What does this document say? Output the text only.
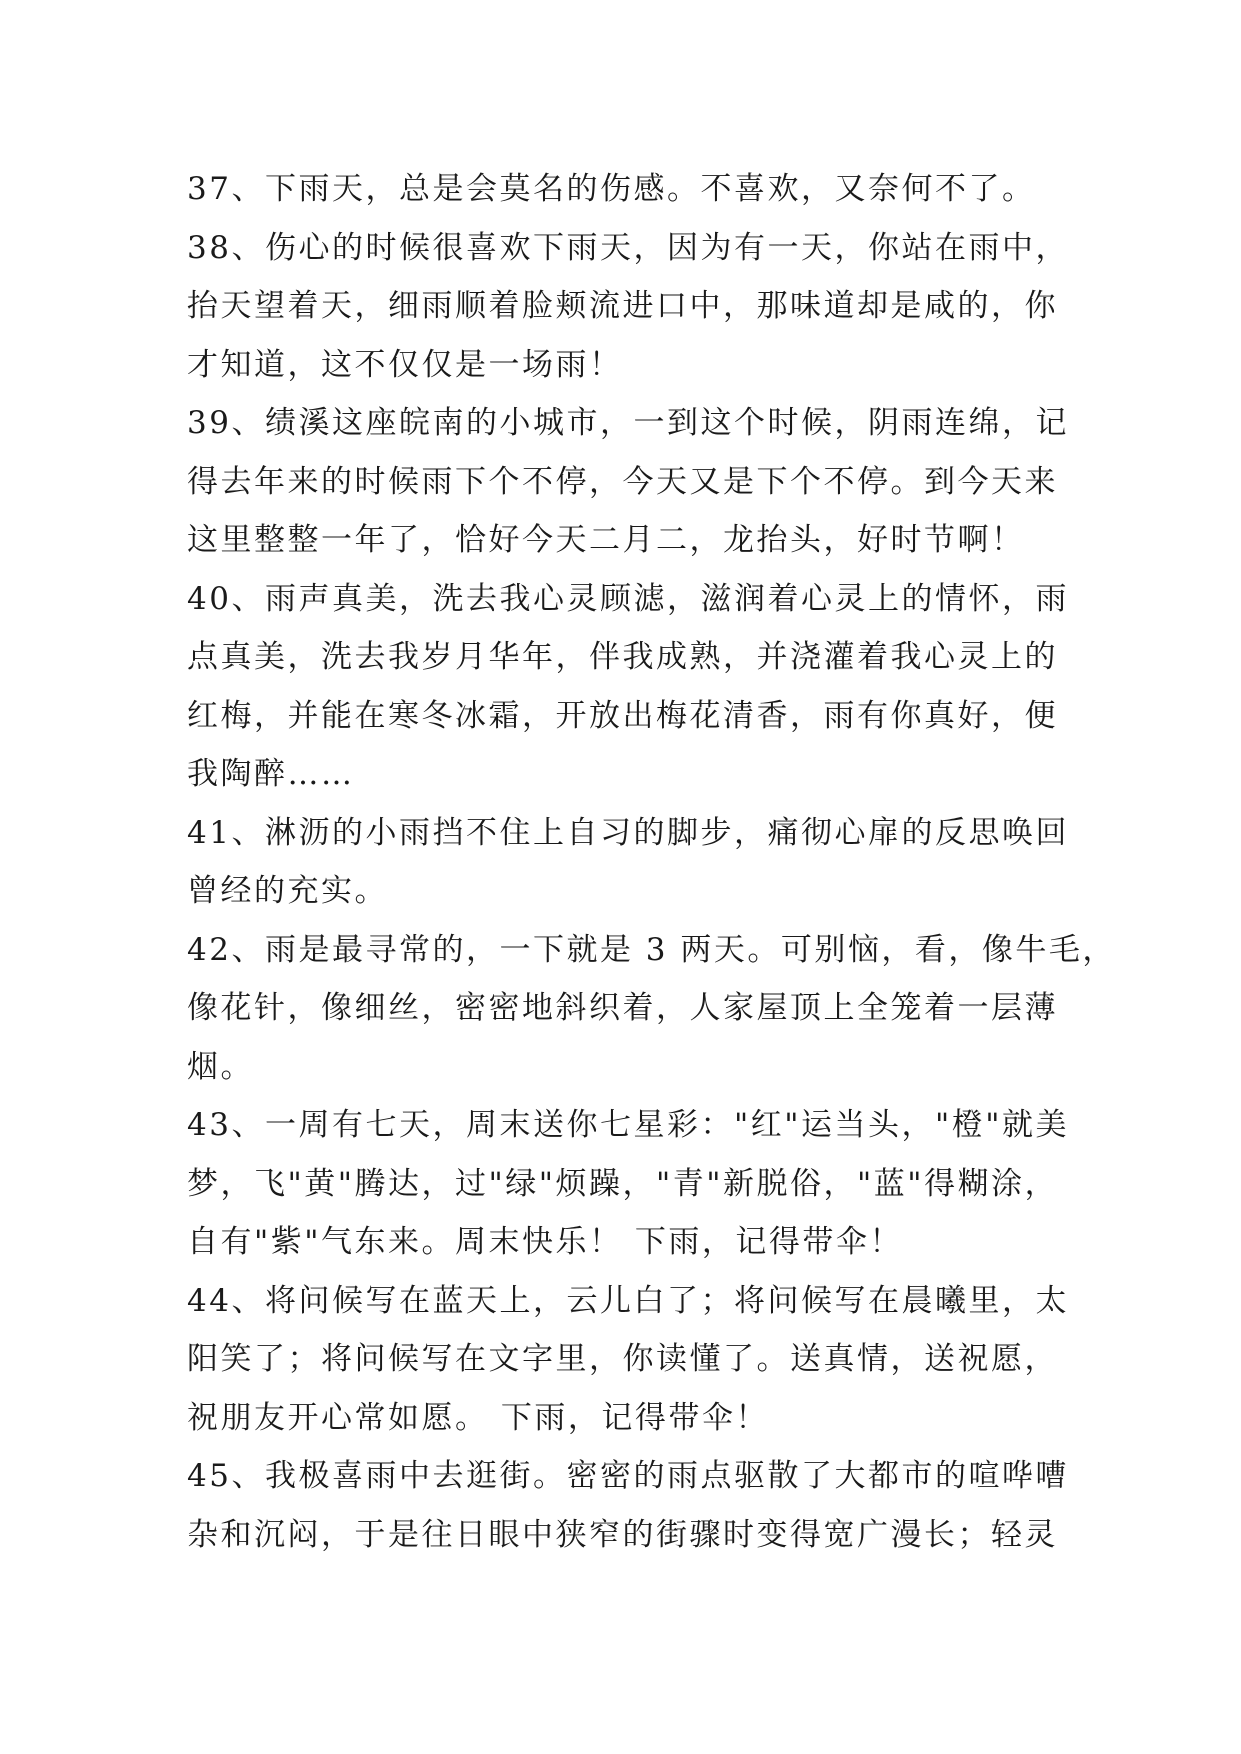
37、下雨天，总是会莫名的伤感。不喜欢，又奈何不了。
38、伤心的时候很喜欢下雨天，因为有一天，你站在雨中，
抬天望着天，细雨顺着脸颊流进口中，那味道却是咸的，你
才知道，这不仅仅是一场雨！
39、绩溪这座皖南的小城市，一到这个时候，阴雨连绵，记
得去年来的时候雨下个不停，今天又是下个不停。到今天来
这里整整一年了，恰好今天二月二，龙抬头，好时节啊！
40、雨声真美，洗去我心灵顾滤，滋润着心灵上的情怀，雨
点真美，洗去我岁月华年，伴我成熟，并浇灌着我心灵上的
红梅，并能在寒冬冰霜，开放出梅花清香，雨有你真好，便
我陶醉……
41、淋沥的小雨挡不住上自习的脚步，痛彻心扉的反思唤回
曾经的充实。
42、雨是最寻常的，一下就是 3 两天。可别恼，看，像牛毛，
像花针，像细丝，密密地斜织着，人家屋顶上全笼着一层薄
烟。
43、一周有七天，周末送你七星彩："红"运当头，"橙"就美
梦，飞"黄"腾达，过"绿"烦躁，"青"新脱俗，"蓝"得糊涂，
自有"紫"气东来。周末快乐！ 下雨，记得带伞！
44、将问候写在蓝天上，云儿白了；将问候写在晨曦里，太
阳笑了；将问候写在文字里，你读懂了。送真情，送祝愿，
祝朋友开心常如愿。 下雨，记得带伞！
45、我极喜雨中去逛街。密密的雨点驱散了大都市的喧哗嘈
杂和沉闷，于是往日眼中狭窄的街骤时变得宽广漫长；轻灵
